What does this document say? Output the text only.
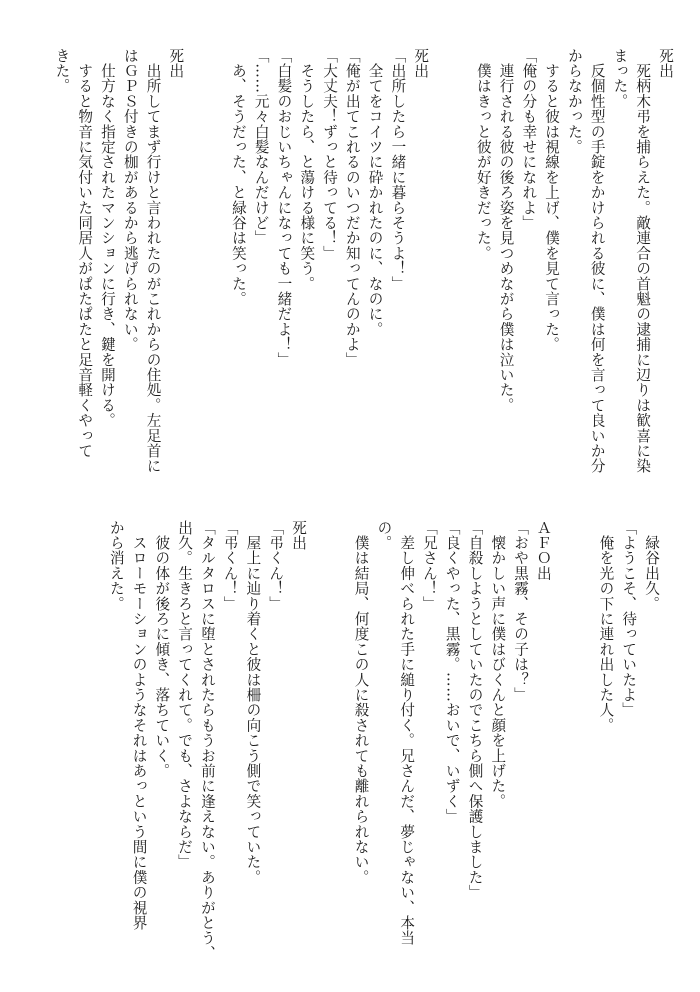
死出
　死柄木弔を捕らえた。敵連合の首魁の逮捕に辺りは歓喜に染
まった。
　反個性型の手錠をかけられる彼に、僕は何を言って良いか分
からなかった。
　すると彼は視線を上げ、僕を見て言った。
「俺の分も幸せになれよ」
　連行される彼の後ろ姿を見つめながら僕は泣いた。
　僕はきっと彼が好きだった。
死出
「出所したら一緒に暮らそうよ！」
　全てをコイツに砕かれたのに、なのに。
「俺が出てこれるのいつだか知ってんのかよ」
「大丈夫！ずっと待ってる！」
　そうしたら、と蕩ける様に笑う。
「白髪のおじいちゃんになっても一緒だよ！」
「……元々白髪なんだけど」
　あ、そうだった、と緑谷は笑った。
死出
　出所してまず行けと言われたのがこれからの住処。左足首に
はＧＰＳ付きの枷があるから逃げられない。
　仕方なく指定されたマンションに行き、鍵を開ける。
　すると物音に気付いた同居人がぱたぱたと足音軽くやって
きた。
　緑谷出久。
「ようこそ、待っていたよ」
　俺を光の下に連れ出した人。
ＡＦＯ出
「おや黒霧、その子は？」
　懐かしい声に僕はびくんと顔を上げた。
「自殺しようとしていたのでこちら側へ保護しました」
「良くやった、黒霧。……おいで、いずく」
「兄さん！」
　差し伸べられた手に縋り付く。兄さんだ、夢じゃない、本当
の。
　僕は結局、何度この人に殺されても離れられない。
死出
「弔くん！」
　屋上に辿り着くと彼は柵の向こう側で笑っていた。
「弔くん！」
「タルタロスに堕とされたらもうお前に逢えない。ありがとう、
出久。生きろと言ってくれて。でも、さよならだ」
　彼の体が後ろに傾き、落ちていく。
　スローモーションのようなそれはあっという間に僕の視界
から消えた。
